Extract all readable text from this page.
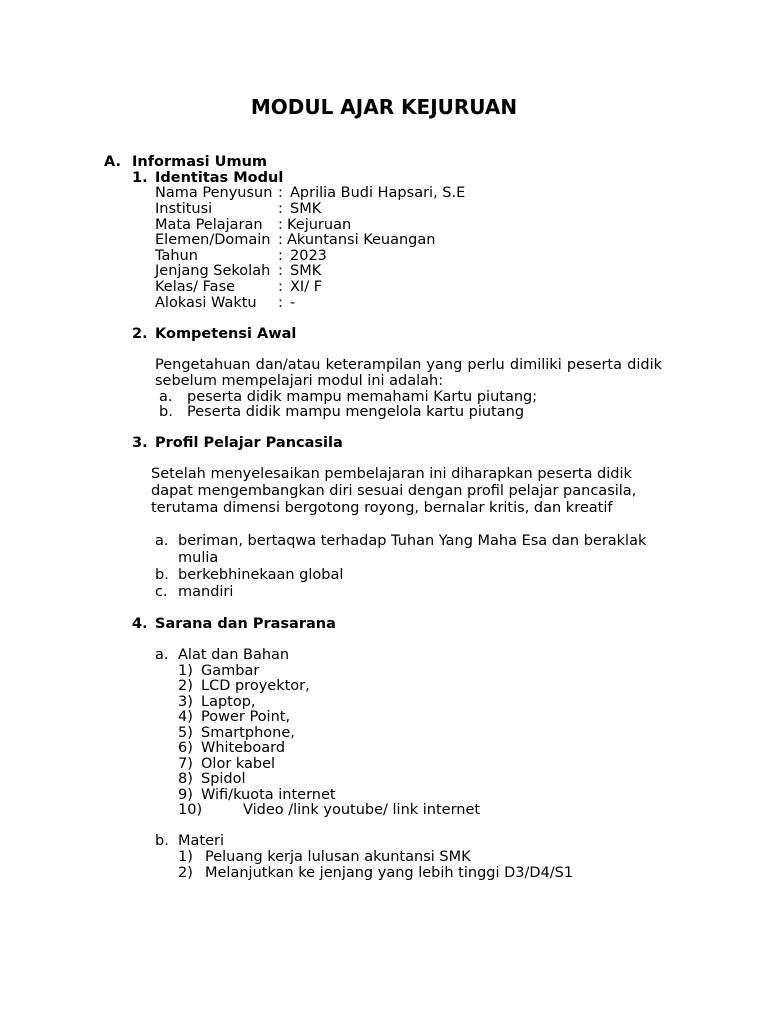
MODUL AJAR KEJURUAN
A. Informasi Umum
1. Identitas Modul
Nama Penyusun : Aprilia Budi Hapsari, S.E
Institusi	: SMK
Mata Pelajaran : Kejuruan
Elemen/Domain : Akuntansi Keuangan
Tahun	: 2023
Jenjang Sekolah : SMK
Kelas/ Fase	: XI/ F
Alokasi Waktu : -
2. Kompetensi Awal
Pengetahuan dan/atau keterampilan yang perlu dimiliki peserta didik
sebelum mempelajari modul ini adalah:
a. peserta didik mampu memahami Kartu piutang;
b. Peserta didik mampu mengelola kartu piutang
3. Profil Pelajar Pancasila
Setelah menyelesaikan pembelajaran ini diharapkan peserta didik
dapat mengembangkan diri sesuai dengan profil pelajar pancasila,
terutama dimensi bergotong royong, bernalar kritis, dan kreatif
a. beriman, bertaqwa terhadap Tuhan Yang Maha Esa dan beraklak
mulia
b. berkebhinekaan global
c. mandiri
4. Sarana dan Prasarana
a. Alat dan Bahan
1) Gambar
2) LCD proyektor,
3) Laptop,
4) Power Point,
5) Smartphone,
6) Whiteboard
7) Olor kabel
8) Spidol
9) Wifi/kuota internet
10)	Video /link youtube/ link internet
b. Materi
1) Peluang kerja lulusan akuntansi SMK
2) Melanjutkan ke jenjang yang lebih tinggi D3/D4/S1
